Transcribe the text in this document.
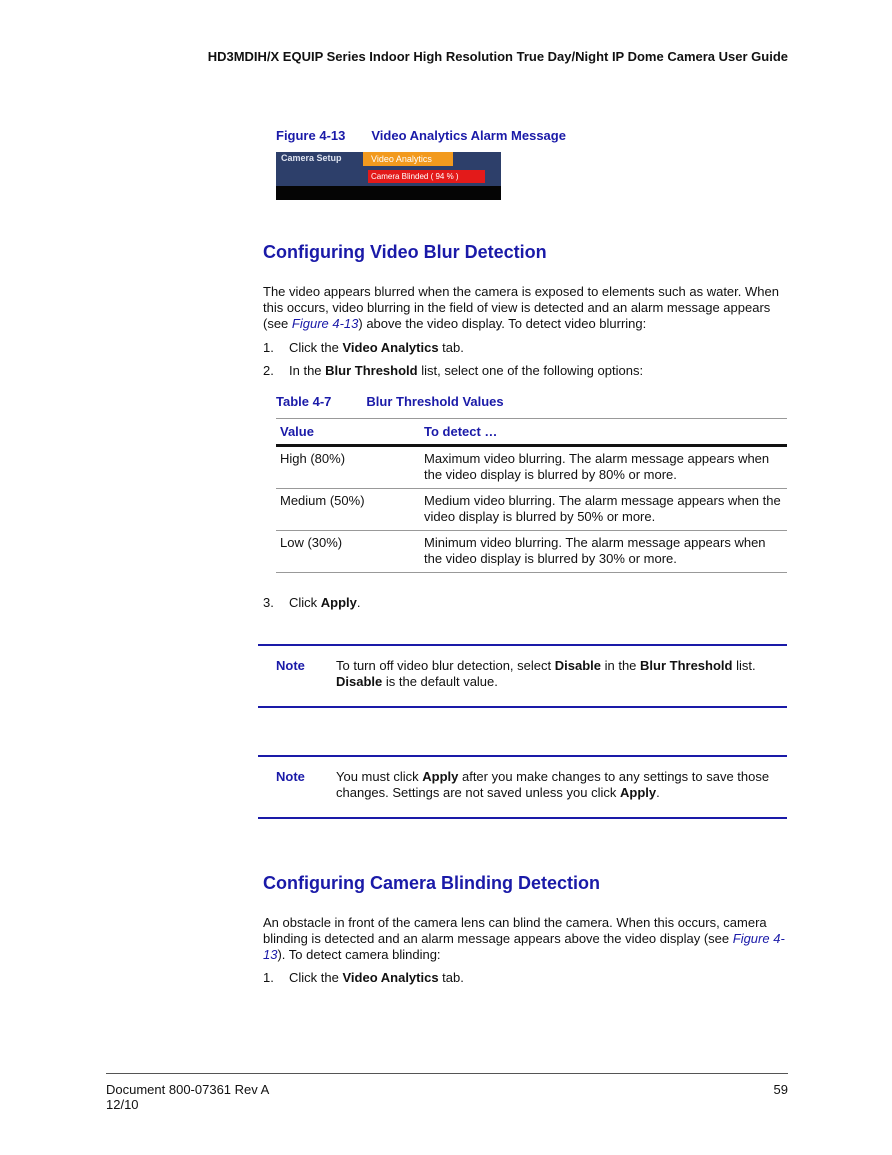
HD3MDIH/X EQUIP Series Indoor High Resolution True Day/Night IP Dome Camera User Guide
Figure 4-13 Video Analytics Alarm Message
Camera Setup	Video Analytics
Camera Blinded ( 94 % )
Configuring Video Blur Detection
The video appears blurred when the camera is exposed to elements such as water. When this occurs, video blurring in the field of view is detected and an alarm message appears (see Figure 4-13) above the video display. To detect video blurring:
1. Click the Video Analytics tab.
2. In the Blur Threshold list, select one of the following options:
Table 4-7	Blur Threshold Values
Value	To detect …
High (80%)	Maximum video blurring. The alarm message appears when the video display is blurred by 80% or more.
Medium (50%)	Medium video blurring. The alarm message appears when the video display is blurred by 50% or more.
Low (30%)	Minimum video blurring. The alarm message appears when the video display is blurred by 30% or more.
3. Click Apply.
Note To turn off video blur detection, select Disable in the Blur Threshold list. Disable is the default value.
Note You must click Apply after you make changes to any settings to save those changes. Settings are not saved unless you click Apply.
Configuring Camera Blinding Detection
An obstacle in front of the camera lens can blind the camera. When this occurs, camera blinding is detected and an alarm message appears above the video display (see Figure 4-13). To detect camera blinding:
1. Click the Video Analytics tab.
Document 800-07361 Rev A
12/10
59
